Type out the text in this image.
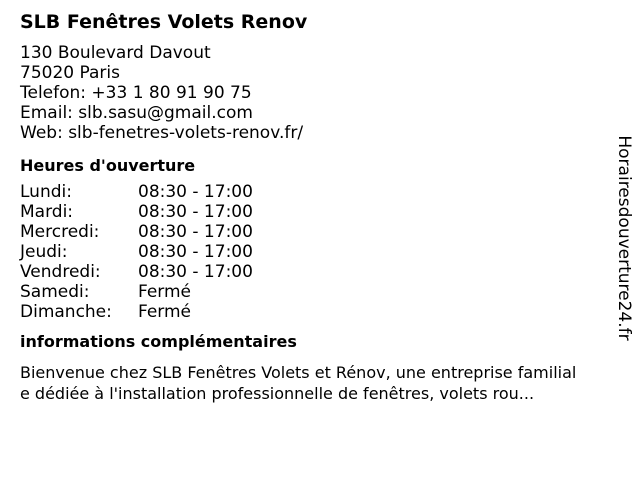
SLB Fenêtres Volets Renov
130 Boulevard Davout
75020 Paris
Telefon: +33 1 80 91 90 75
Email: slb.sasu@gmail.com
Web: slb-fenetres-volets-renov.fr/
Heures d'ouverture
Lundi:	08:30 - 17:00
Mardi:	08:30 - 17:00
Mercredi:	08:30 - 17:00
Jeudi:	08:30 - 17:00
Vendredi:	08:30 - 17:00
Samedi:	Fermé
Dimanche:	Fermé
informations complémentaires
Bienvenue chez SLB Fenêtres Volets et Rénov, une entreprise familial
e dédiée à l'installation professionnelle de fenêtres, volets rou...
Horairesdouverture24.fr
